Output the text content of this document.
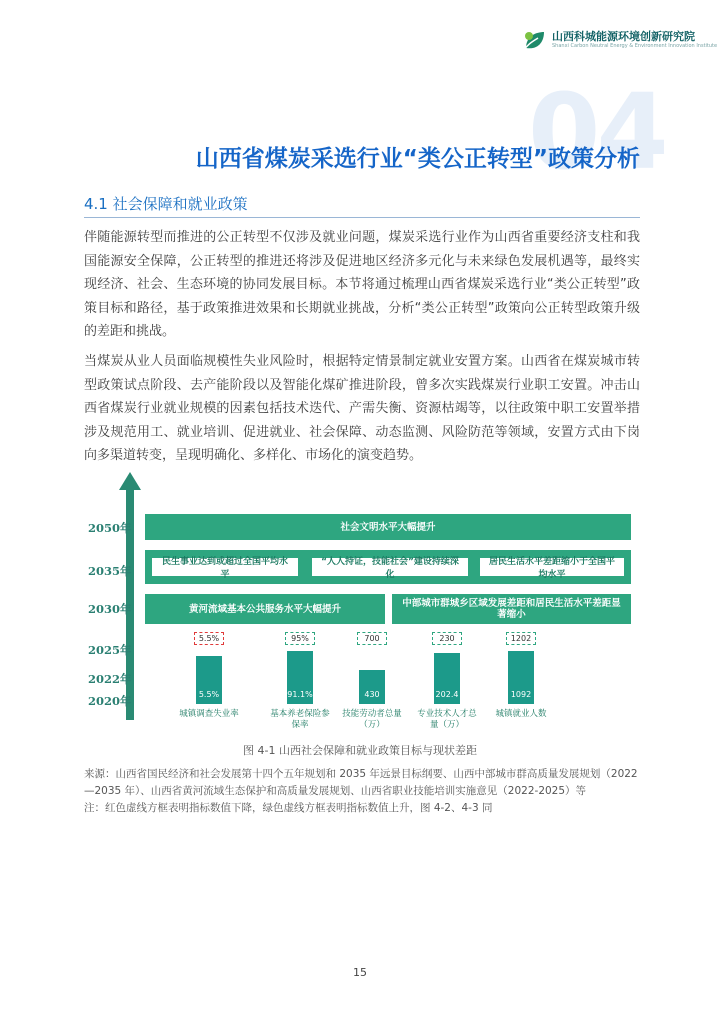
山西科城能源环境创新研究院
Shanxi Carbon Neutral Energy & Environment Innovation Institute
04
山西省煤炭采选行业“类公正转型”政策分析
4.1 社会保障和就业政策

伴随能源转型而推进的公正转型不仅涉及就业问题，煤炭采选行业作为山西省重要经济支柱和我国能源安全保障，公正转型的推进还将涉及促进地区经济多元化与未来绿色发展机遇等，最终实现经济、社会、生态环境的协同发展目标。本节将通过梳理山西省煤炭采选行业“类公正转型”政策目标和路径，基于政策推进效果和长期就业挑战，分析“类公正转型”政策向公正转型政策升级的差距和挑战。

当煤炭从业人员面临规模性失业风险时，根据特定情景制定就业安置方案。山西省在煤炭城市转型政策试点阶段、去产能阶段以及智能化煤矿推进阶段，曾多次实践煤炭行业职工安置。冲击山西省煤炭行业就业规模的因素包括技术迭代、产需失衡、资源枯竭等，以往政策中职工安置举措涉及规范用工、就业培训、促进就业、社会保障、动态监测、风险防范等领域，安置方式由下岗向多渠道转变，呈现明确化、多样化、市场化的演变趋势。

2050年
2035年
2030年
2025年
2022年
2020年
社会文明水平大幅提升
民生事业达到或超过全国平均水平
“人人持证，技能社会”建设持续深化
居民生活水平差距缩小于全国平均水平
黄河流域基本公共服务水平大幅提升	中部城市群城乡区域发展差距和居民生活水平差距显著缩小
5.5%
5.5%
城镇调查失业率
95%
91.1%
基本养老保险参保率
700
430
技能劳动者总量（万）
230
202.4
专业技术人才总量（万）
1202
1092
城镇就业人数
图 4-1 山西社会保障和就业政策目标与现状差距

来源：山西省国民经济和社会发展第十四个五年规划和 2035 年远景目标纲要、山西中部城市群高质量发展规划（2022—2035 年）、山西省黄河流域生态保护和高质量发展规划、山西省职业技能培训实施意见（2022-2025）等

注：红色虚线方框表明指标数值下降，绿色虚线方框表明指标数值上升，图 4-2、4-3 同

15
